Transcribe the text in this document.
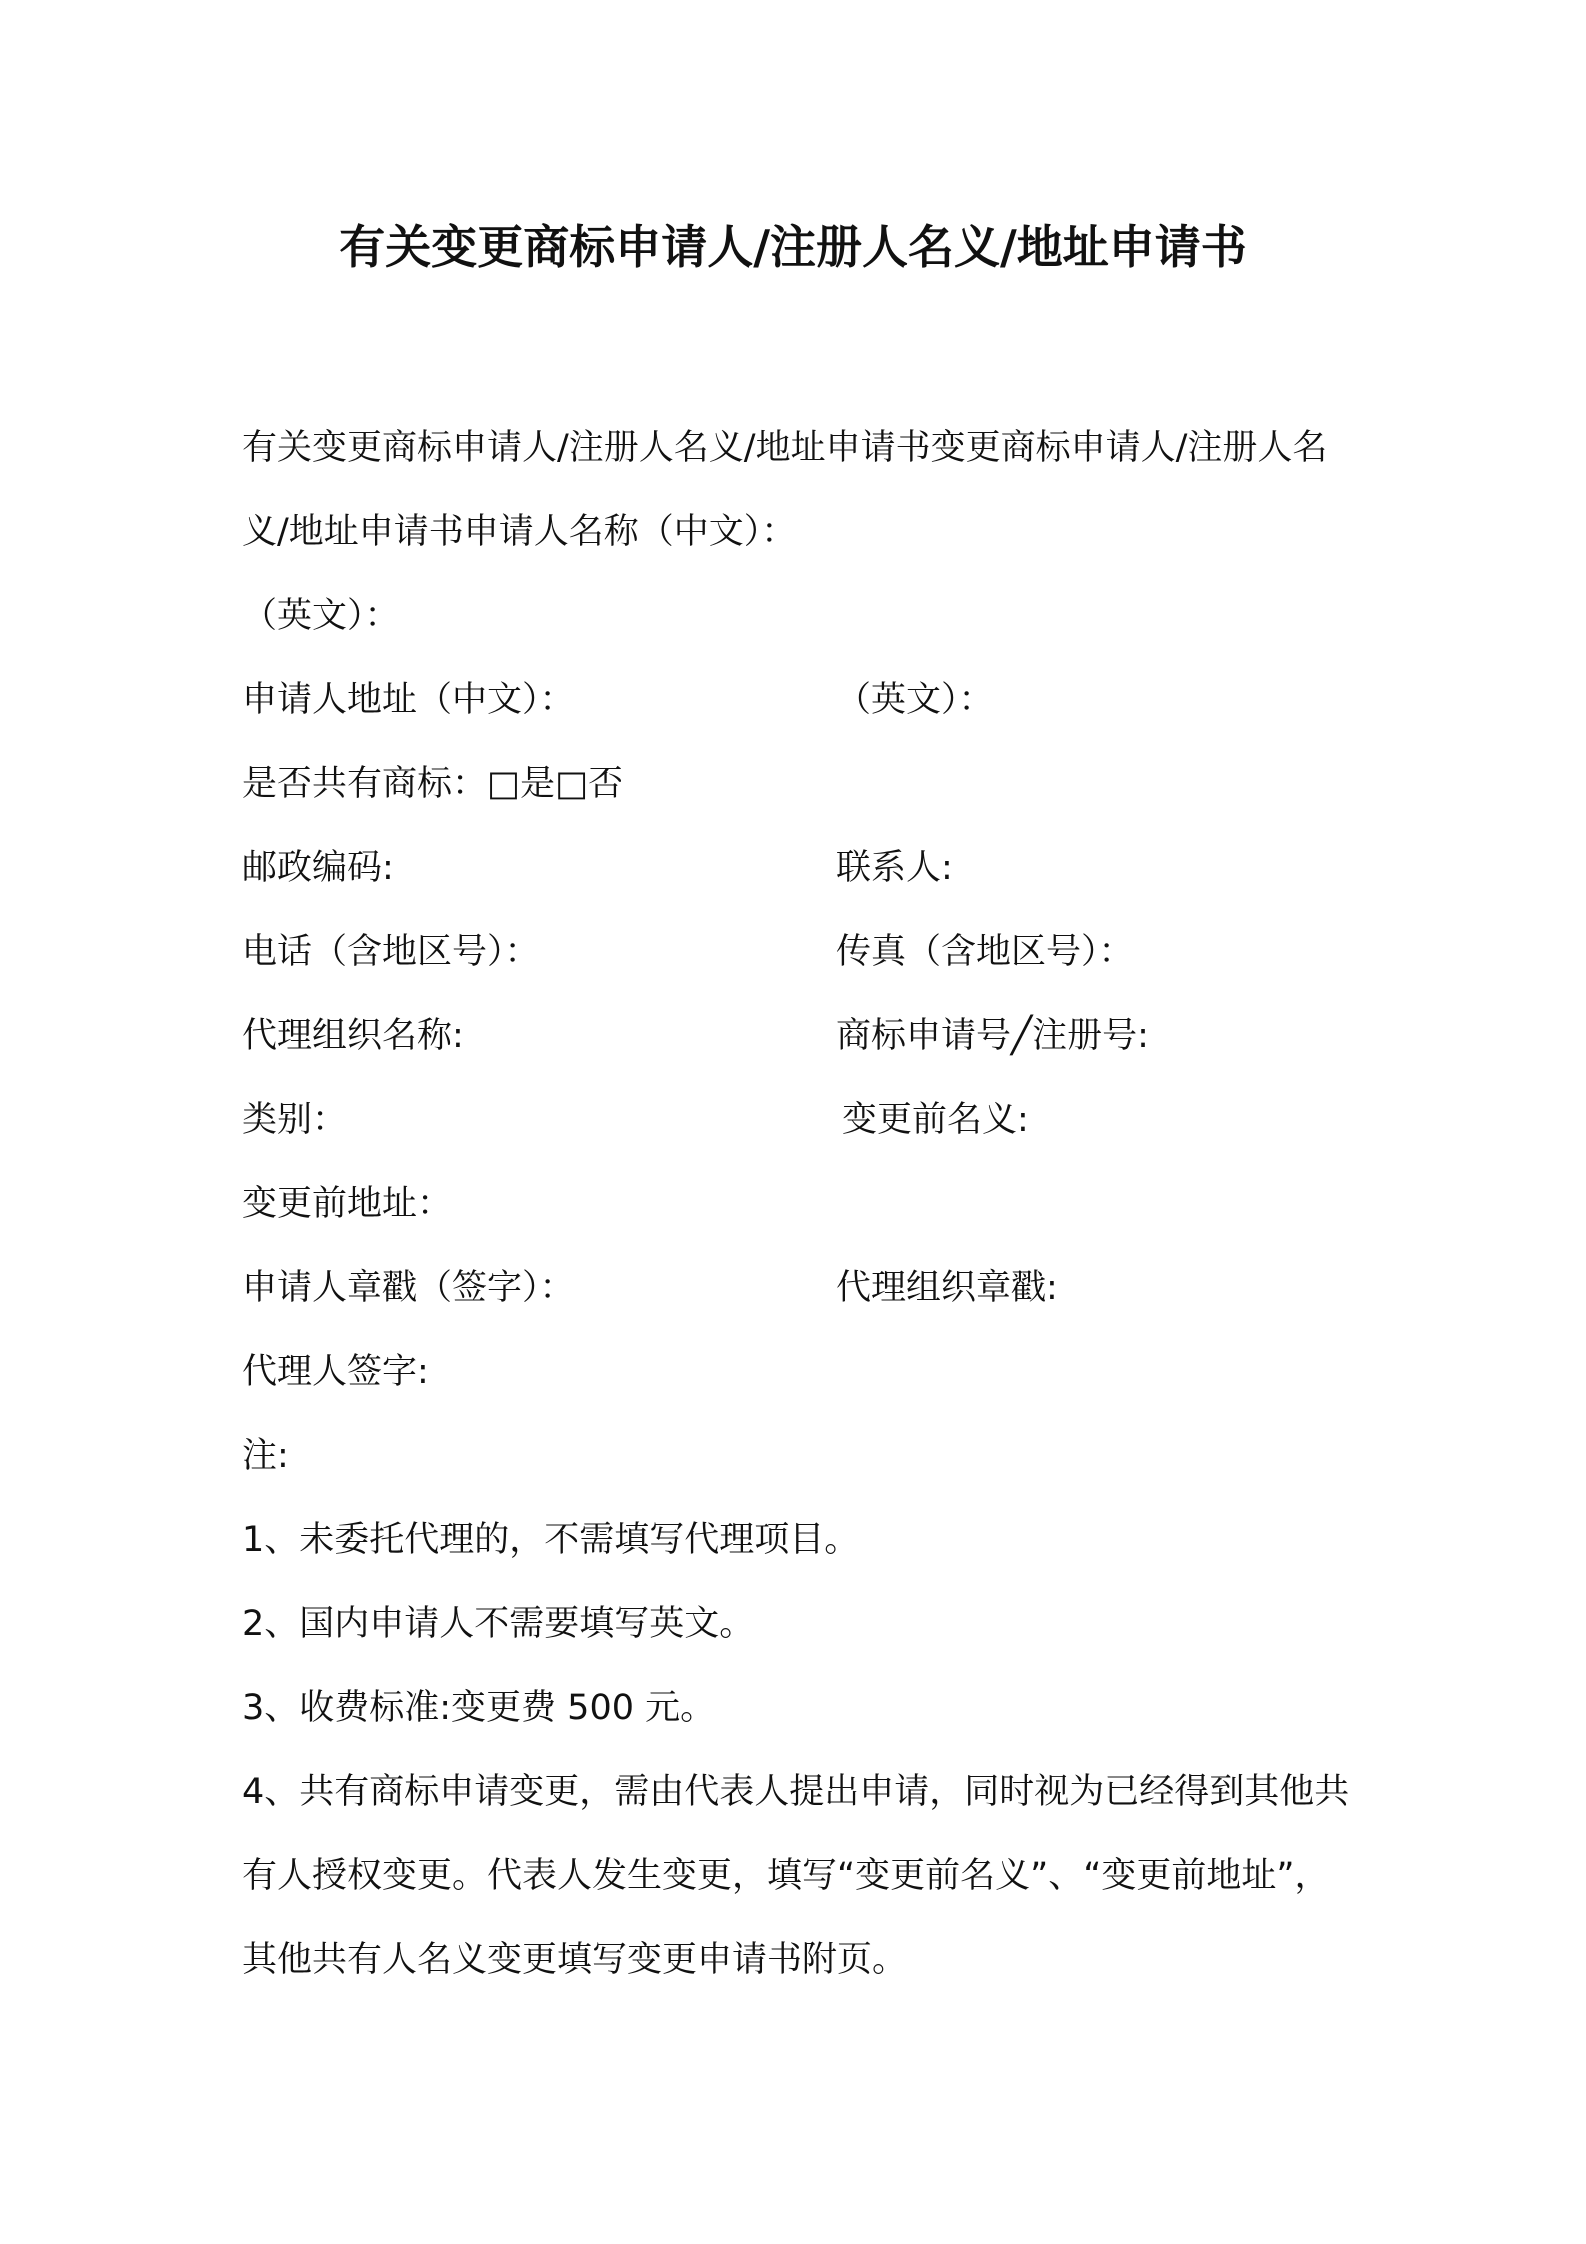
有关变更商标申请人/注册人名义/地址申请书

有关变更商标申请人/注册人名义/地址申请书变更商标申请人/注册人名义/地址申请书申请人名称（中文）：

（英文）：
申请人地址（中文）：	（英文）：
是否共有商标：□是□否
邮政编码:	联系人:
电话（含地区号）：	传真（含地区号）：
代理组织名称:	商标申请号╱注册号:
类别：	变更前名义:
变更前地址：
申请人章戳（签字）：	代理组织章戳:
代理人签字:
注:
1、未委托代理的，不需填写代理项目。
2、国内申请人不需要填写英文。
3、收费标准:变更费 500 元。

4、共有商标申请变更，需由代表人提出申请，同时视为已经得到其他共有人授权变更。代表人发生变更，填写“变更前名义”、“变更前地址”，其他共有人名义变更填写变更申请书附页。
